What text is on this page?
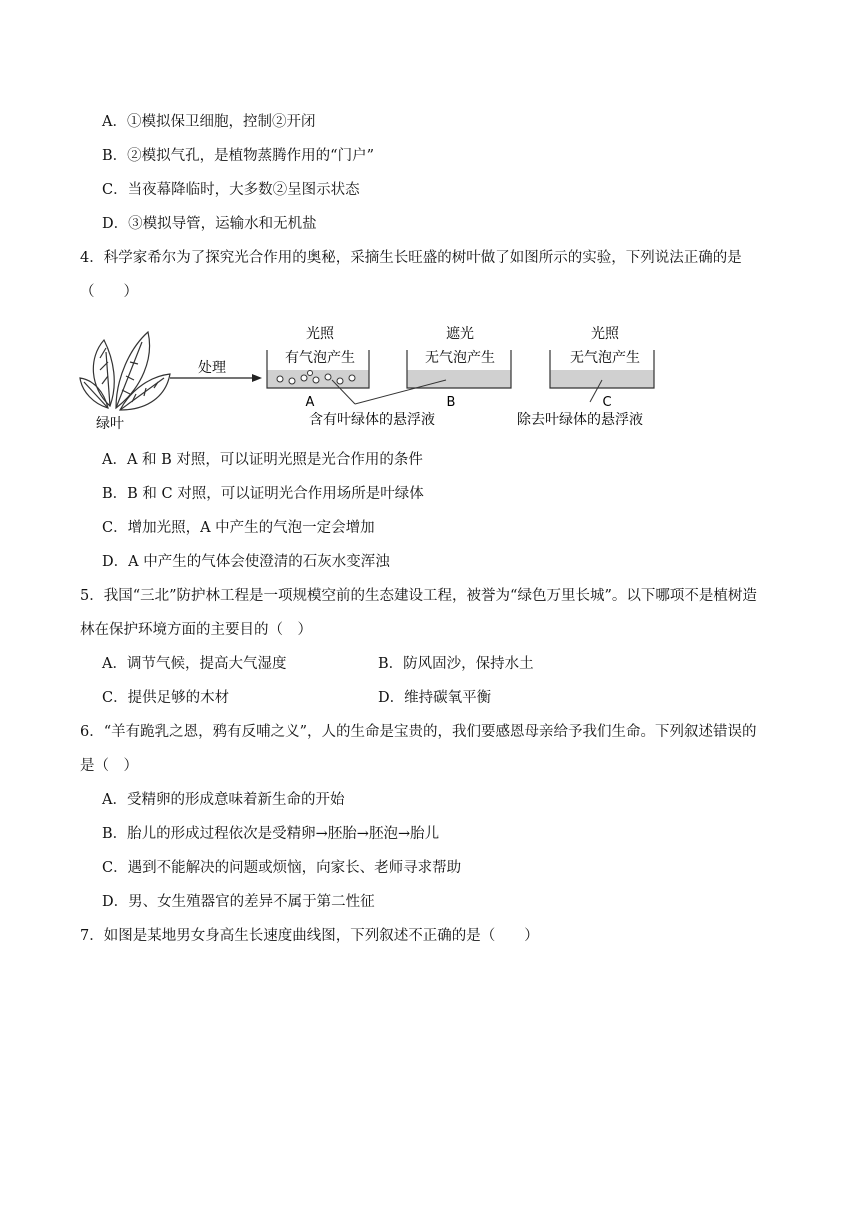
A．①模拟保卫细胞，控制②开闭
B．②模拟气孔，是植物蒸腾作用的“门户”
C．当夜幕降临时，大多数②呈图示状态
D．③模拟导管，运输水和无机盐
4．科学家希尔为了探究光合作用的奥秘，采摘生长旺盛的树叶做了如图所示的实验，下列说法正确的是
（　　）
绿叶
处理
光照
有气泡产生
A
遮光
无气泡产生
B
含有叶绿体的悬浮液
光照
无气泡产生
C
除去叶绿体的悬浮液
A．A 和 B 对照，可以证明光照是光合作用的条件
B．B 和 C 对照，可以证明光合作用场所是叶绿体
C．增加光照，A 中产生的气泡一定会增加
D．A 中产生的气体会使澄清的石灰水变浑浊
5．我国“三北”防护林工程是一项规模空前的生态建设工程，被誉为“绿色万里长城”。以下哪项不是植树造
林在保护环境方面的主要目的（　）
A．调节气候，提高大气湿度	B．防风固沙，保持水土
C．提供足够的木材	D．维持碳氧平衡
6．“羊有跪乳之恩，鸦有反哺之义”，人的生命是宝贵的，我们要感恩母亲给予我们生命。下列叙述错误的
是（　）
A．受精卵的形成意味着新生命的开始
B．胎儿的形成过程依次是受精卵→胚胎→胚泡→胎儿
C．遇到不能解决的问题或烦恼，向家长、老师寻求帮助
D．男、女生殖器官的差异不属于第二性征
7．如图是某地男女身高生长速度曲线图，下列叙述不正确的是（　　）
